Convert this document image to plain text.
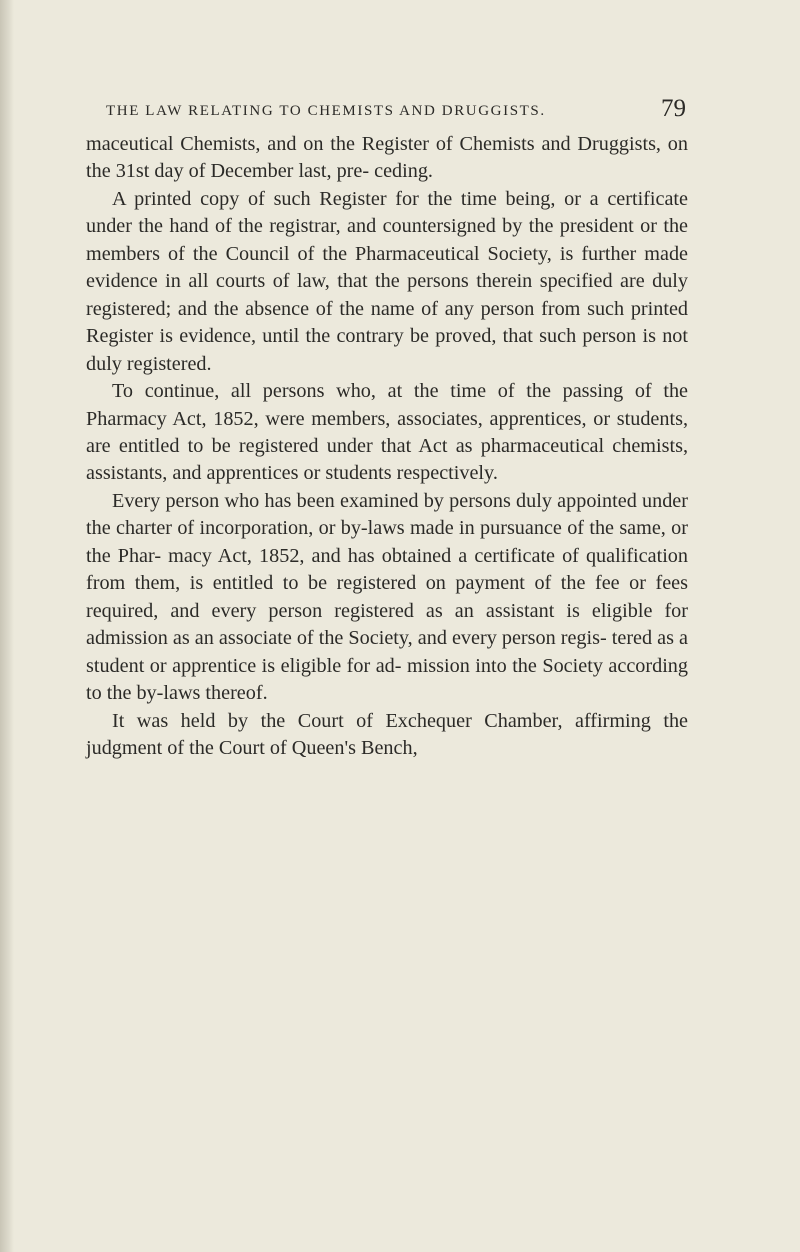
THE LAW RELATING TO CHEMISTS AND DRUGGISTS.	79

maceutical Chemists, and on the Register of Chemists and Druggists, on the 31st day of December last, pre- ceding.

A printed copy of such Register for the time being, or a certificate under the hand of the registrar, and countersigned by the president or the members of the Council of the Pharmaceutical Society, is further made evidence in all courts of law, that the persons therein specified are duly registered; and the absence of the name of any person from such printed Register is evidence, until the contrary be proved, that such person is not duly registered.

To continue, all persons who, at the time of the passing of the Pharmacy Act, 1852, were members, associates, apprentices, or students, are entitled to be registered under that Act as pharmaceutical chemists, assistants, and apprentices or students respectively.

Every person who has been examined by persons duly appointed under the charter of incorporation, or by-laws made in pursuance of the same, or the Phar- macy Act, 1852, and has obtained a certificate of qualification from them, is entitled to be registered on payment of the fee or fees required, and every person registered as an assistant is eligible for admission as an associate of the Society, and every person regis- tered as a student or apprentice is eligible for ad- mission into the Society according to the by-laws thereof.

It was held by the Court of Exchequer Chamber, affirming the judgment of the Court of Queen's Bench,
